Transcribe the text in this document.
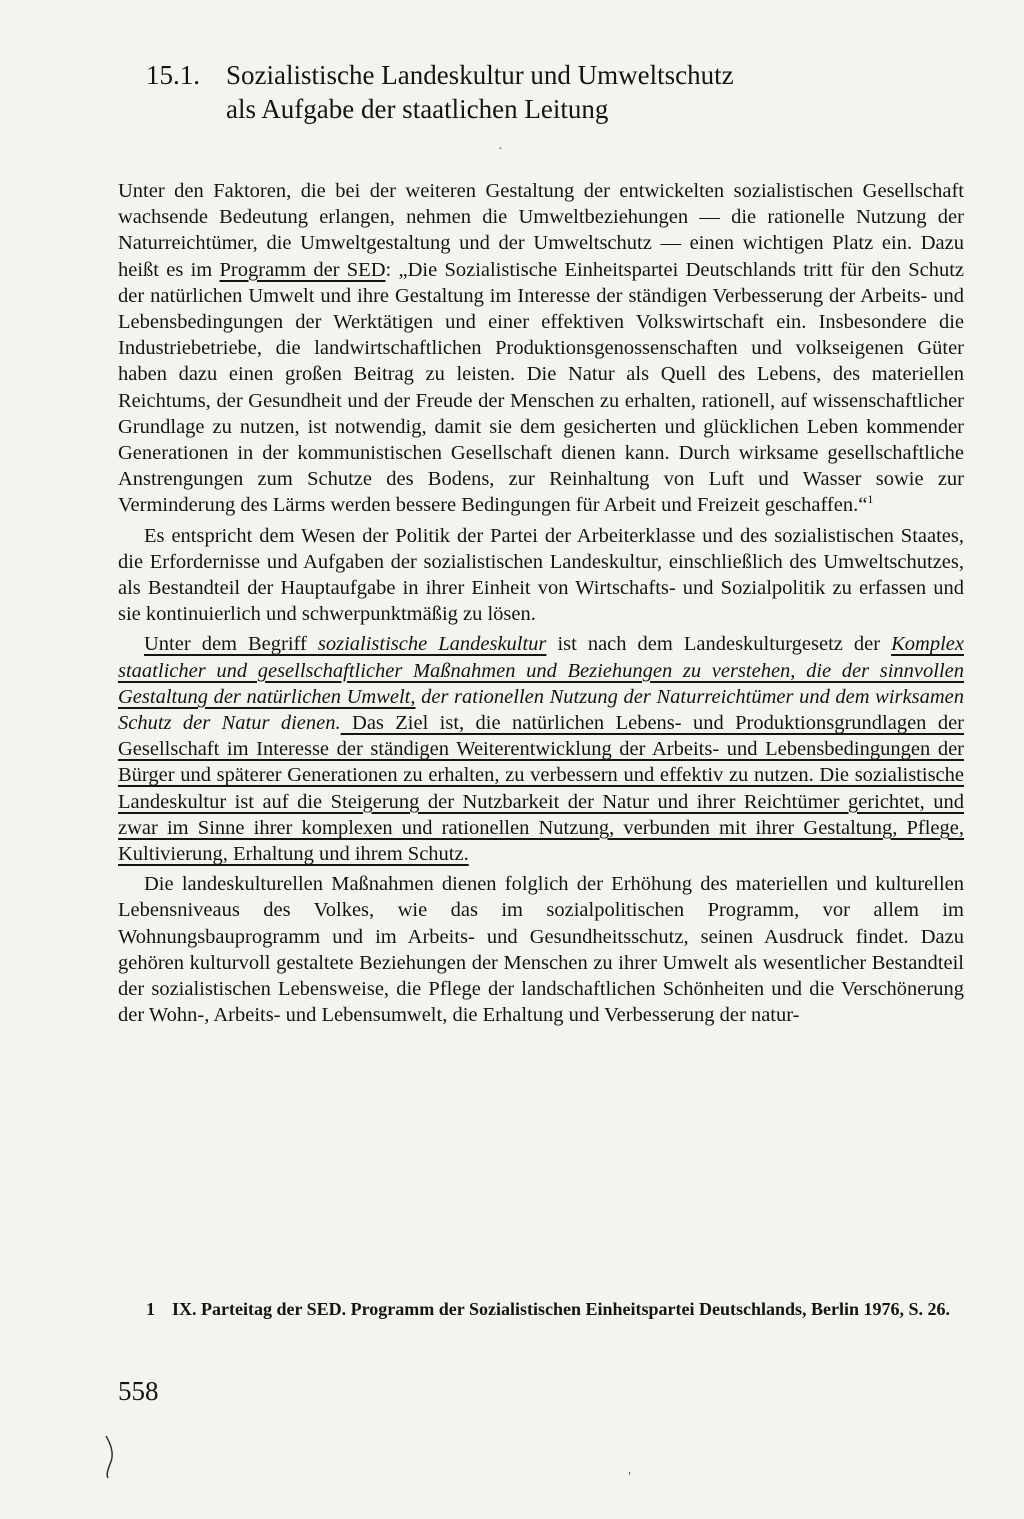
15.1. Sozialistische Landeskultur und Umweltschutz
als Aufgabe der staatlichen Leitung
·

Unter den Faktoren, die bei der weiteren Gestaltung der entwickelten sozialistischen Gesellschaft wachsende Bedeutung erlangen, nehmen die Umweltbeziehungen — die rationelle Nutzung der Naturreichtümer, die Umweltgestaltung und der Umweltschutz — einen wichtigen Platz ein. Dazu heißt es im Programm der SED: „Die Sozialistische Einheitspartei Deutschlands tritt für den Schutz der natürlichen Umwelt und ihre Gestaltung im Interesse der ständigen Verbesserung der Arbeits- und Lebensbedingungen der Werktätigen und einer effektiven Volkswirtschaft ein. Insbesondere die Industriebetriebe, die landwirtschaftlichen Produktionsgenossenschaften und volkseigenen Güter haben dazu einen großen Beitrag zu leisten. Die Natur als Quell des Lebens, des materiellen Reichtums, der Gesundheit und der Freude der Menschen zu erhalten, rationell, auf wissenschaftlicher Grundlage zu nutzen, ist notwendig, damit sie dem gesicherten und glücklichen Leben kommender Generationen in der kommunistischen Gesellschaft dienen kann. Durch wirksame gesellschaftliche Anstrengungen zum Schutze des Bodens, zur Reinhaltung von Luft und Wasser sowie zur Verminderung des Lärms werden bessere Bedingungen für Arbeit und Freizeit geschaffen.“$^1$

Es entspricht dem Wesen der Politik der Partei der Arbeiterklasse und des sozialistischen Staates, die Erfordernisse und Aufgaben der sozialistischen Landeskultur, einschließlich des Umweltschutzes, als Bestandteil der Hauptaufgabe in ihrer Einheit von Wirtschafts- und Sozialpolitik zu erfassen und sie kontinuierlich und schwerpunktmäßig zu lösen.

Unter dem Begriff sozialistische Landeskultur ist nach dem Landeskulturgesetz der Komplex staatlicher und gesellschaftlicher Maßnahmen und Beziehungen zu verstehen, die der sinnvollen Gestaltung der natürlichen Umwelt, der rationellen Nutzung der Naturreichtümer und dem wirksamen Schutz der Natur dienen. Das Ziel ist, die natürlichen Lebens- und Produktionsgrundlagen der Gesellschaft im Interesse der ständigen Weiterentwicklung der Arbeits- und Lebensbedingungen der Bürger und späterer Generationen zu erhalten, zu verbessern und effektiv zu nutzen. Die sozialistische Landeskultur ist auf die Steigerung der Nutzbarkeit der Natur und ihrer Reichtümer gerichtet, und zwar im Sinne ihrer komplexen und rationellen Nutzung, verbunden mit ihrer Gestaltung, Pflege, Kultivierung, Erhaltung und ihrem Schutz.

Die landeskulturellen Maßnahmen dienen folglich der Erhöhung des materiellen und kulturellen Lebensniveaus des Volkes, wie das im sozialpolitischen Programm, vor allem im Wohnungsbauprogramm und im Arbeits- und Gesundheitsschutz, seinen Ausdruck findet. Dazu gehören kulturvoll gestaltete Beziehungen der Menschen zu ihrer Umwelt als wesentlicher Bestandteil der sozialistischen Lebensweise, die Pflege der landschaftlichen Schönheiten und die Verschönerung der Wohn-, Arbeits- und Lebensumwelt, die Erhaltung und Verbesserung der natur-

1 IX. Parteitag der SED. Programm der Sozialistischen Einheitspartei Deutschlands, Berlin 1976, S. 26.
558
′
